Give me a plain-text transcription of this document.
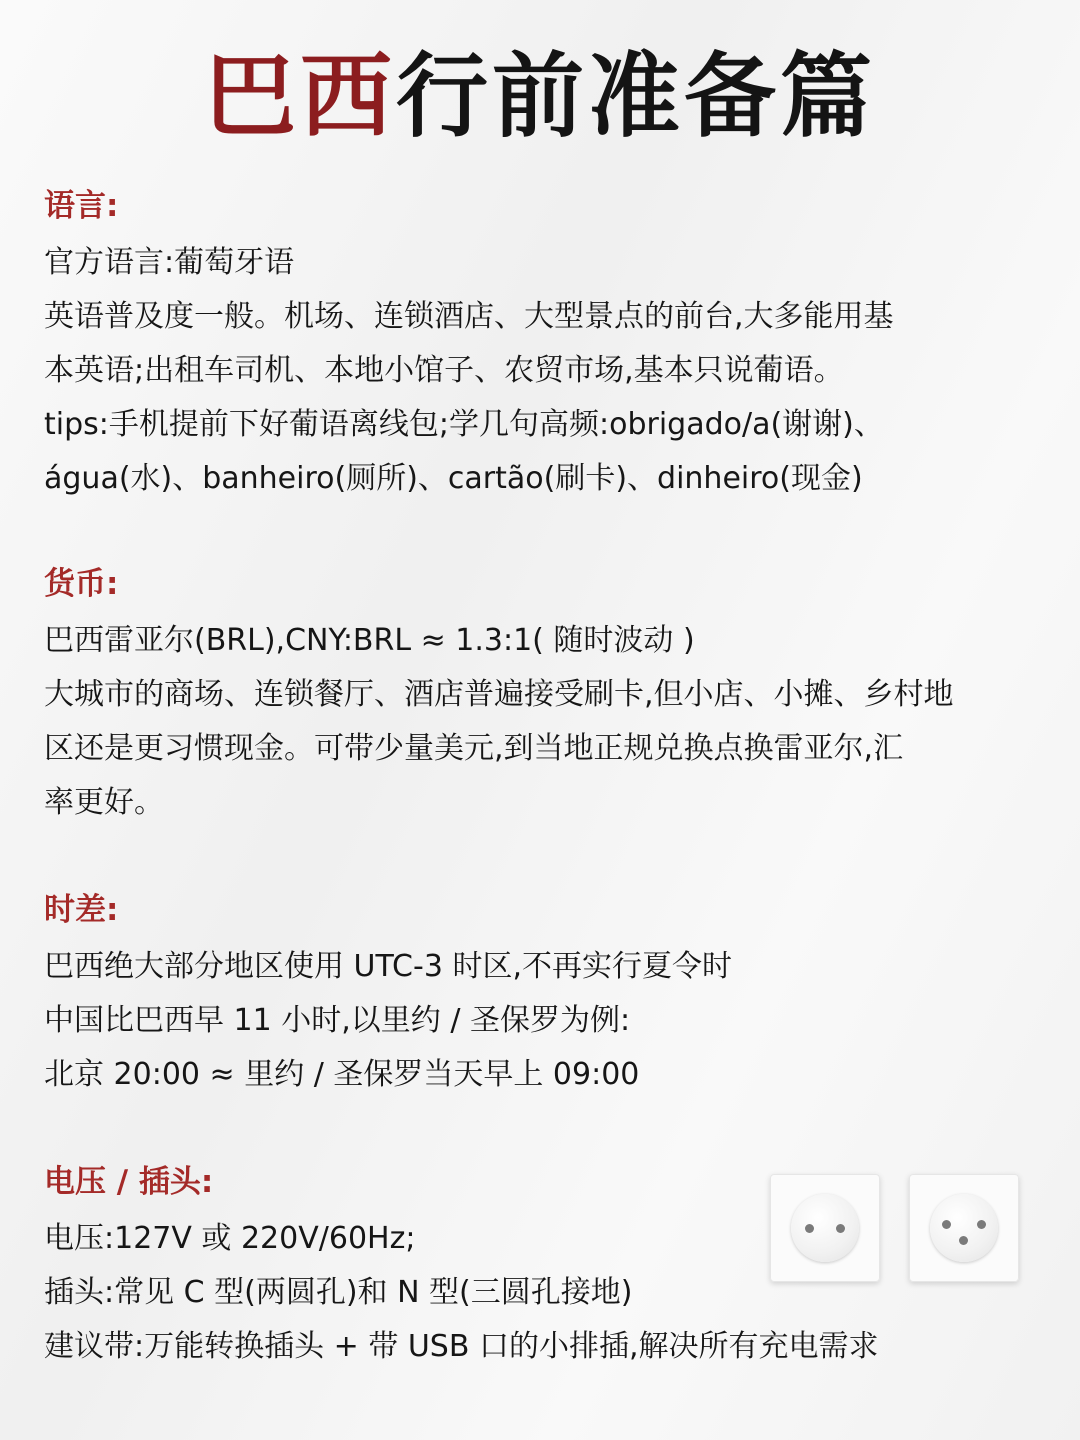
巴西行前准备篇
语言:
官方语言:葡萄牙语
英语普及度一般。机场、连锁酒店、大型景点的前台,大多能用基
本英语;出租车司机、本地小馆子、农贸市场,基本只说葡语。
tips:手机提前下好葡语离线包;学几句高频:obrigado/a(谢谢)、
água(水)、banheiro(厕所)、cartão(刷卡)、dinheiro(现金)
货币:
巴西雷亚尔(BRL),CNY:BRL ≈ 1.3:1( 随时波动 )
大城市的商场、连锁餐厅、酒店普遍接受刷卡,但小店、小摊、乡村地
区还是更习惯现金。可带少量美元,到当地正规兑换点换雷亚尔,汇
率更好。
时差:
巴西绝大部分地区使用 UTC-3 时区,不再实行夏令时
中国比巴西早 11 小时,以里约 / 圣保罗为例:
北京 20:00 ≈ 里约 / 圣保罗当天早上 09:00
电压 / 插头:
电压:127V 或 220V/60Hz;
插头:常见 C 型(两圆孔)和 N 型(三圆孔接地)
建议带:万能转换插头 + 带 USB 口的小排插,解决所有充电需求
